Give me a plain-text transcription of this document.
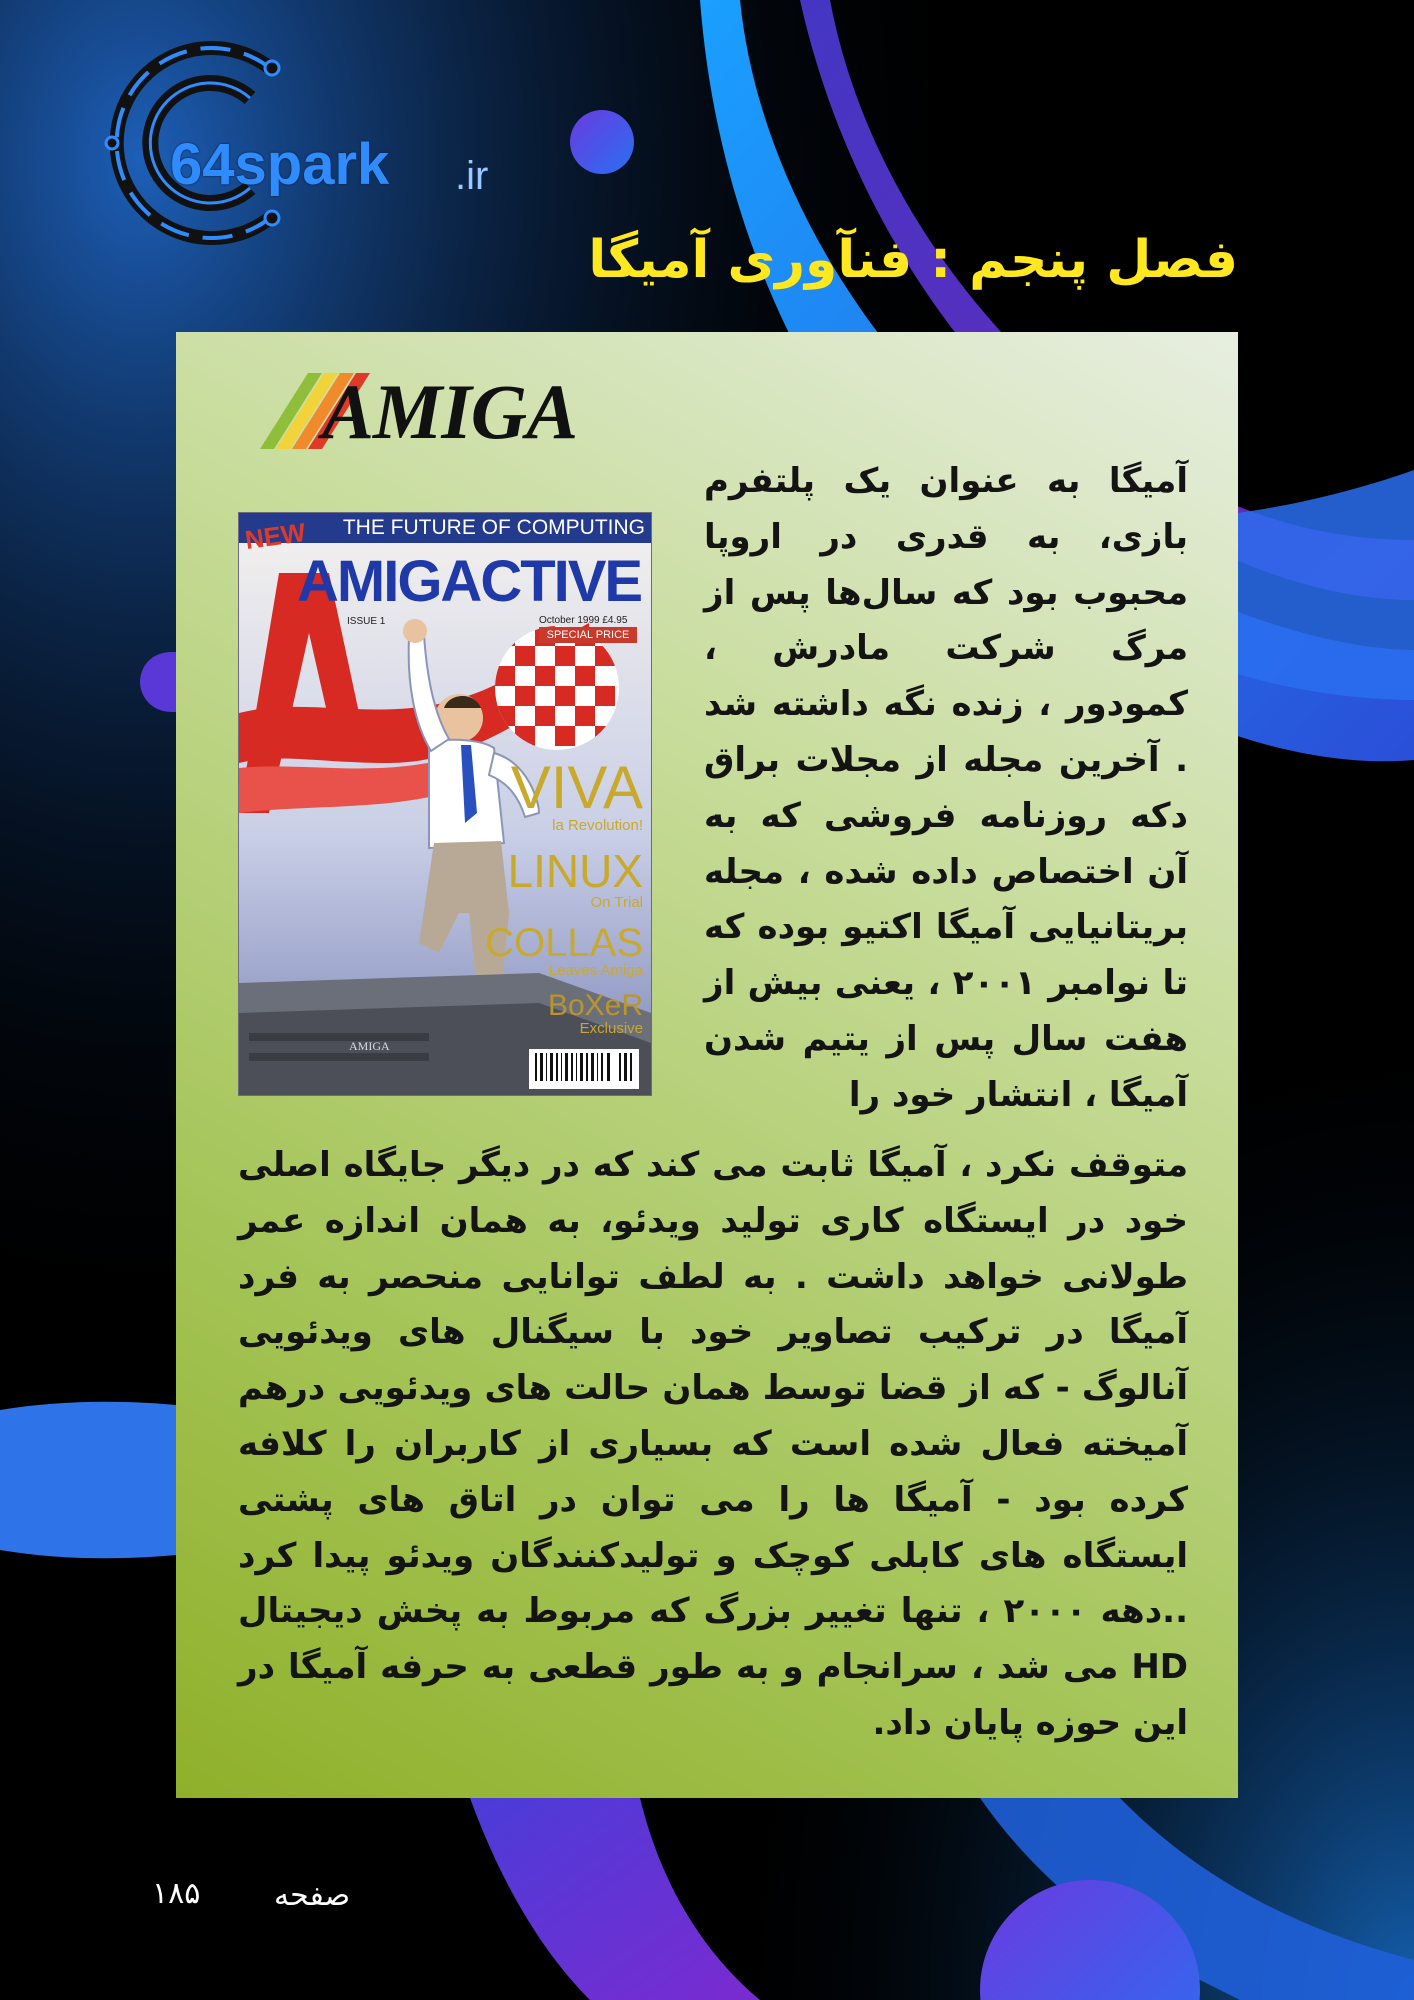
64spark .ir
فصل پنجم : فنآوری آمیگا
AMIGA
THE FUTURE OF COMPUTING
NEW
AMIGACTIVE
ISSUE 1	October 1999 £4.95
SPECIAL PRICE
VIVA
la Revolution!
LINUX
On Trial
COLLAS
Leaves Amiga
BoXeR
Exclusive
AMIGA

آمیگا به عنوان یک پلتفرم بازی، به قدری در اروپا محبوب بود که سال‌ها پس از مرگ شرکت مادرش ، کمودور ، زنده نگه داشته شد . آخرین مجله از مجلات براق دکه روزنامه فروشی که به آن اختصاص داده شده ، مجله بریتانیایی آمیگا اکتیو بوده که تا نوامبر ۲۰۰۱ ، یعنی بیش از هفت سال پس از یتیم شدن آمیگا ، انتشار خود را

متوقف نکرد ، آمیگا ثابت می کند که در دیگر جایگاه اصلی خود در ایستگاه کاری تولید ویدئو، به همان اندازه عمر طولانی خواهد داشت . به لطف توانایی منحصر به فرد آمیگا در ترکیب تصاویر خود با سیگنال های ویدئویی آنالوگ - که از قضا توسط همان حالت های ویدئویی درهم آمیخته فعال شده است که بسیاری از کاربران را کلافه کرده بود - آمیگا ها را می توان در اتاق های پشتی ایستگاه های کابلی کوچک و تولیدکنندگان ویدئو پیدا کرد ..دهه ۲۰۰۰ ، تنها تغییر بزرگ که مربوط به پخش دیجیتال HD می شد ، سرانجام و به طور قطعی به حرفه آمیگا در این حوزه پایان داد.

صفحه
۱۸۵
